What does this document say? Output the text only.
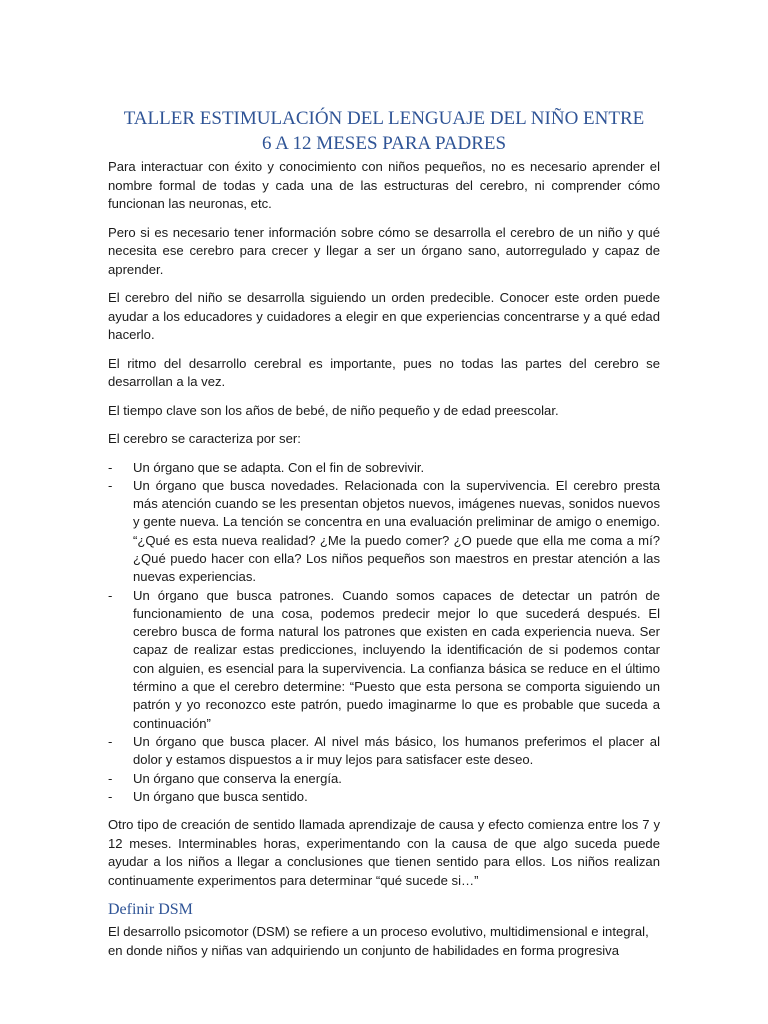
TALLER ESTIMULACIÓN DEL LENGUAJE DEL NIÑO ENTRE
6 A 12 MESES PARA PADRES

Para interactuar con éxito y conocimiento con niños pequeños, no es necesario aprender el nombre formal de todas y cada una de las estructuras del cerebro, ni comprender cómo funcionan las neuronas, etc.

Pero si es necesario tener información sobre cómo se desarrolla el cerebro de un niño y qué necesita ese cerebro para crecer y llegar a ser un órgano sano, autorregulado y capaz de aprender.

El cerebro del niño se desarrolla siguiendo un orden predecible. Conocer este orden puede ayudar a los educadores y cuidadores a elegir en que experiencias concentrarse y a qué edad hacerlo.

El ritmo del desarrollo cerebral es importante, pues no todas las partes del cerebro se desarrollan a la vez.

El tiempo clave son los años de bebé, de niño pequeño y de edad preescolar.

El cerebro se caracteriza por ser:

- Un órgano que se adapta. Con el fin de sobrevivir.
- Un órgano que busca novedades. Relacionada con la supervivencia. El cerebro presta más atención cuando se les presentan objetos nuevos, imágenes nuevas, sonidos nuevos y gente nueva. La tención se concentra en una evaluación preliminar de amigo o enemigo. “¿Qué es esta nueva realidad? ¿Me la puedo comer? ¿O puede que ella me coma a mí? ¿Qué puedo hacer con ella? Los niños pequeños son maestros en prestar atención a las nuevas experiencias.
- Un órgano que busca patrones. Cuando somos capaces de detectar un patrón de funcionamiento de una cosa, podemos predecir mejor lo que sucederá después. El cerebro busca de forma natural los patrones que existen en cada experiencia nueva. Ser capaz de realizar estas predicciones, incluyendo la identificación de si podemos contar con alguien, es esencial para la supervivencia. La confianza básica se reduce en el último término a que el cerebro determine: “Puesto que esta persona se comporta siguiendo un patrón y yo reconozco este patrón, puedo imaginarme lo que es probable que suceda a continuación”
- Un órgano que busca placer. Al nivel más básico, los humanos preferimos el placer al dolor y estamos dispuestos a ir muy lejos para satisfacer este deseo.
- Un órgano que conserva la energía.
- Un órgano que busca sentido.

Otro tipo de creación de sentido llamada aprendizaje de causa y efecto comienza entre los 7 y 12 meses. Interminables horas, experimentando con la causa de que algo suceda puede ayudar a los niños a llegar a conclusiones que tienen sentido para ellos. Los niños realizan continuamente experimentos para determinar “qué sucede si…”

Definir DSM

El desarrollo psicomotor (DSM) se refiere a un proceso evolutivo, multidimensional e integral, en donde niños y niñas van adquiriendo un conjunto de habilidades en forma progresiva
